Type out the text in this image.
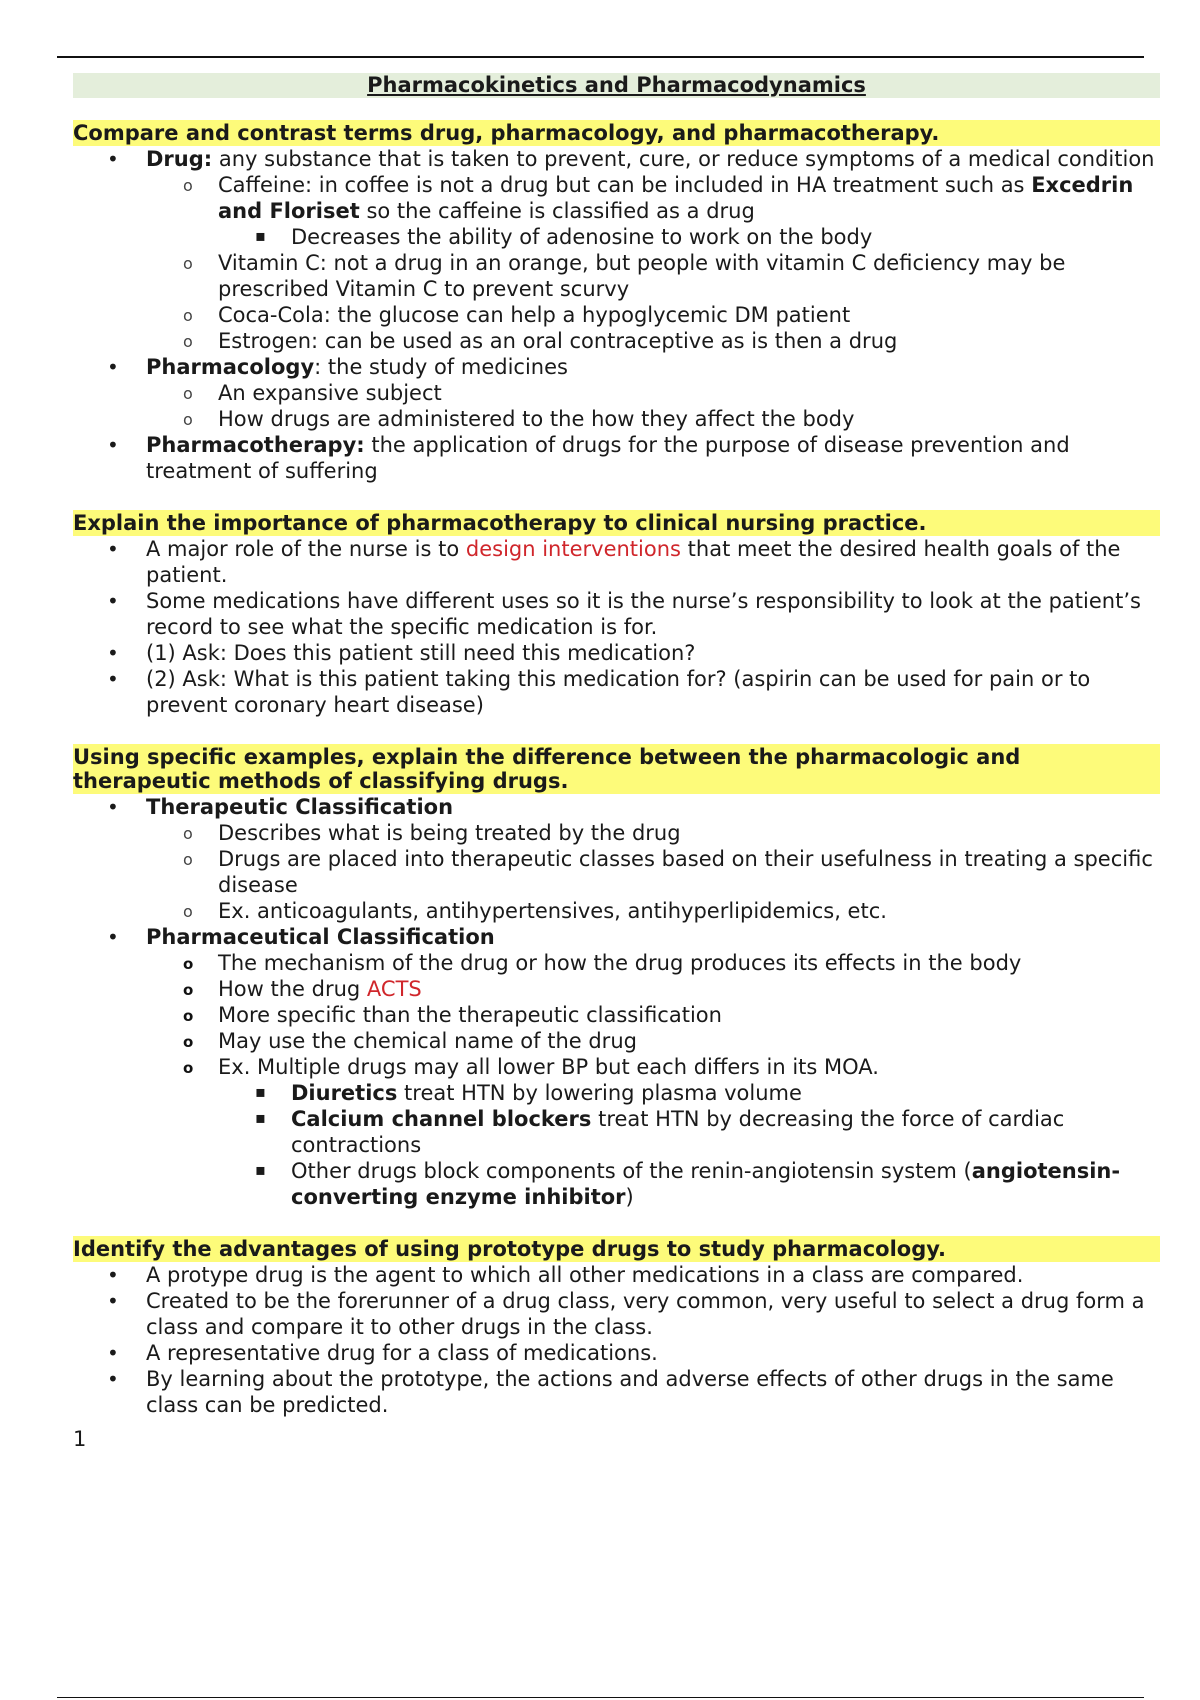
Pharmacokinetics and Pharmacodynamics
Compare and contrast terms drug, pharmacology, and pharmacotherapy.
• Drug: any substance that is taken to prevent, cure, or reduce symptoms of a medical condition
o Caffeine: in coffee is not a drug but can be included in HA treatment such as Excedrin and Floriset so the caffeine is classified as a drug
▪ Decreases the ability of adenosine to work on the body
o Vitamin C: not a drug in an orange, but people with vitamin C deficiency may be prescribed Vitamin C to prevent scurvy
o Coca-Cola: the glucose can help a hypoglycemic DM patient
o Estrogen: can be used as an oral contraceptive as is then a drug
• Pharmacology: the study of medicines
o An expansive subject
o How drugs are administered to the how they affect the body
• Pharmacotherapy: the application of drugs for the purpose of disease prevention and treatment of suffering
Explain the importance of pharmacotherapy to clinical nursing practice.
• A major role of the nurse is to design interventions that meet the desired health goals of the patient.
• Some medications have different uses so it is the nurse’s responsibility to look at the patient’s record to see what the specific medication is for.
• (1) Ask: Does this patient still need this medication?
• (2) Ask: What is this patient taking this medication for? (aspirin can be used for pain or to prevent coronary heart disease)
Using specific examples, explain the difference between the pharmacologic and therapeutic methods of classifying drugs.
• Therapeutic Classification
o Describes what is being treated by the drug
o Drugs are placed into therapeutic classes based on their usefulness in treating a specific disease
o Ex. anticoagulants, antihypertensives, antihyperlipidemics, etc.
• Pharmaceutical Classification
o The mechanism of the drug or how the drug produces its effects in the body
o How the drug ACTS
o More specific than the therapeutic classification
o May use the chemical name of the drug
o Ex. Multiple drugs may all lower BP but each differs in its MOA.
▪ Diuretics treat HTN by lowering plasma volume
▪ Calcium channel blockers treat HTN by decreasing the force of cardiac contractions
▪ Other drugs block components of the renin-angiotensin system (angiotensin-converting enzyme inhibitor)
Identify the advantages of using prototype drugs to study pharmacology.
• A protype drug is the agent to which all other medications in a class are compared.
• Created to be the forerunner of a drug class, very common, very useful to select a drug form a class and compare it to other drugs in the class.
• A representative drug for a class of medications.
• By learning about the prototype, the actions and adverse effects of other drugs in the same class can be predicted.
1
